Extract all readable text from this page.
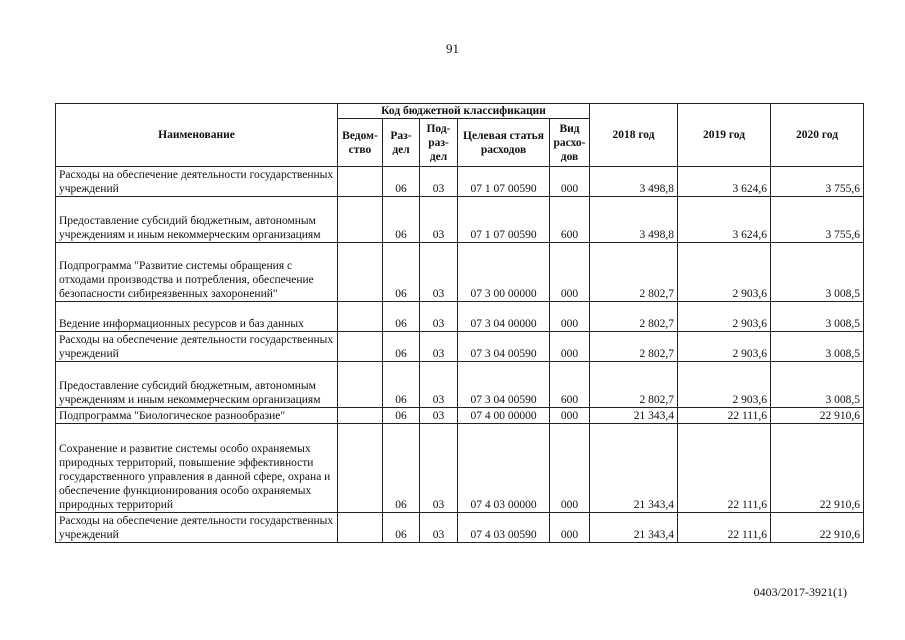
91
Наименование	Код бюджетной классификации					2018 год	2019 год	2020 год
	Ведом-ство	Раз-дел	Под-раз-дел	Целевая статья расходов	Вид расхо-дов			
Расходы на обеспечение деятельности государственных учреждений		06	03	07 1 07 00590	000	3 498,8	3 624,6	3 755,6
Предоставление субсидий бюджетным, автономным учреждениям и иным некоммерческим организациям		06	03	07 1 07 00590	600	3 498,8	3 624,6	3 755,6
Подпрограмма "Развитие системы обращения с отходами производства и потребления, обеспечение безопасности сибиреязвенных захоронений"		06	03	07 3 00 00000	000	2 802,7	2 903,6	3 008,5
Ведение информационных ресурсов и баз данных		06	03	07 3 04 00000	000	2 802,7	2 903,6	3 008,5
Расходы на обеспечение деятельности государственных учреждений		06	03	07 3 04 00590	000	2 802,7	2 903,6	3 008,5
Предоставление субсидий бюджетным, автономным учреждениям и иным некоммерческим организациям		06	03	07 3 04 00590	600	2 802,7	2 903,6	3 008,5
Подпрограмма "Биологическое разнообразие"		06	03	07 4 00 00000	000	21 343,4	22 111,6	22 910,6
Сохранение и развитие системы особо охраняемых природных территорий, повышение эффективности государственного управления в данной сфере, охрана и обеспечение функционирования особо охраняемых природных территорий		06	03	07 4 03 00000	000	21 343,4	22 111,6	22 910,6
Расходы на обеспечение деятельности государственных учреждений		06	03	07 4 03 00590	000	21 343,4	22 111,6	22 910,6
0403/2017-3921(1)
